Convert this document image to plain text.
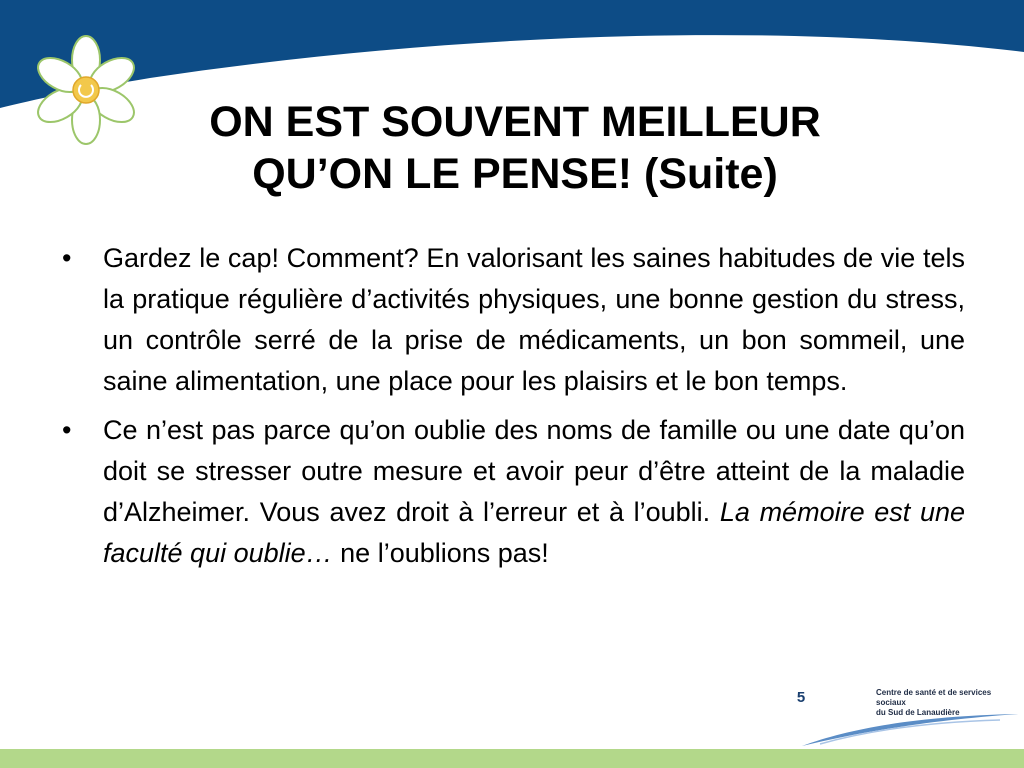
ON EST SOUVENT MEILLEUR
QU’ON LE PENSE! (Suite)
•	Gardez le cap! Comment? En valorisant les saines habitudes de vie tels la pratique régulière d’activités physiques, une bonne gestion du stress, un contrôle serré de la prise de médicaments, un bon sommeil, une saine alimentation, une place pour les plaisirs et le bon temps.
•	Ce n’est pas parce qu’on oublie des noms de famille ou une date qu’on doit se stresser outre mesure et avoir peur d’être atteint de la maladie d’Alzheimer. Vous avez droit à l’erreur et à l’oubli. La mémoire est une faculté qui oublie… ne l’oublions pas!
5	Centre de santé et de services sociaux
du Sud de Lanaudière
